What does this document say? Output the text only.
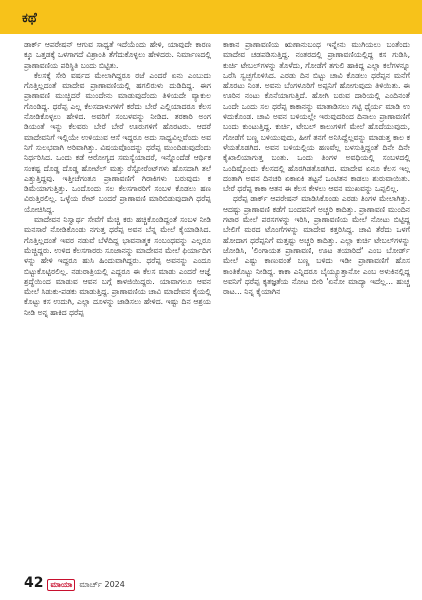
ಕಥೆ

ಡಾರ್ಕ್ ಆಪರೇಷನ್ ಆಗುವ ಸಾಧ್ಯತೆ ಇದೆಯೆಂದು ಹೇಳಿ, ಯಾವುದೇ ಕಾರಣಕ್ಕೂ ಒತ್ತಡಕ್ಕೆ ಒಳಗಾಗದೆ ವಿಶ್ರಾಂತಿ ತೆಗೆದುಕೊಳ್ಳಲು ಹೇಳಿದರು. ನಿರ್ಮಾಣದಲ್ಲಿ ಪ್ರಾಣಾವಣಿಯ ಪರಿಸ್ಥಿತಿ ಬಂದು ಬಿಟ್ಟಿತು.

ಕೆಲಸಕ್ಕೆ ಸೇರಿ ವರ್ಷದ ಮೇಲಾಗಿದ್ದರೂ ರಜೆ ಎಂದರೆ ಏನು ಎಂಬುದು ಗೊತ್ತಿಲ್ಲದಂತೆ ಮಾದೇವ ಪ್ರಾಣಾವಣಿಯಲ್ಲಿ ಹಗಲಿರುಳು ದುಡಿದಿದ್ದ. ಈಗ ಪ್ರಾಣಾವಣಿ ಮುಚ್ಚಿದರೆ ಮುಂದೇನು ಮಾಡುವುದೆಂದು ತಿಳಿಯದೇ ವ್ಯಾಕುಲಗೊಂಡಿದ್ದ. ಧರೆಪ್ಪ ಎಲ್ಲ ಕೆಲಸದಾಳುಗಳಿಗೆ ಕರೆದು ಬೇರೆ ಎಲ್ಲಿಯಾದರೂ ಕೆಲಸ ನೋಡಿಕೊಳ್ಳಲು ಹೇಳಿದ. ಅವರಿಗೆ ಸಂಬಳವನ್ನು ನೀಡಿದ. ತರಕಾರಿ ಅಂಗಡಿಯಂತೆ ಇನ್ನು ಕೆಲವರು ಬೇರೆ ಬೇರೆ ಊರುಗಳಿಗೆ ಹೊರಟರು. ಆದರೆ ಮಾದೇವನಿಗೆ ಇಲ್ಲಿಯೇ ಉಳಿಯುವ ಆಸೆ ಇದ್ದರೂ ಅದು ಸಾಧ್ಯವಿಲ್ಲವೆಂದು ಅವನಿಗೆ ಸುಲಭವಾಗಿ ಅರಿವಾಗಿತ್ತು. ವಿಷಯವೊಂದನ್ನು ಧರೆಪ್ಪ ಮುಂದಿಡುವುದೆಂದು ನಿರ್ಧರಿಸಿದ. ಒಂದು ಕಡೆ ಆರೋಗ್ಯದ ಸಮಸ್ಯೆಯಾದರೆ, ಇನ್ನೊಂದೆಡೆ ಆರ್ಥಿಕ ಸಂಕಷ್ಟ ದೊಡ್ಡ ದೊಡ್ಡ ಹೋಟೆಲ್ ಮತ್ತು ರೆಸ್ಟೋರೆಂಟ್‌ಗಳು ಹೊಸದಾಗಿ ತಲೆ ಎತ್ತುತ್ತಿದ್ದವು. ಇತ್ತೀಚೆಗಂತೂ ಪ್ರಾಣಾವಣಿಗೆ ಗಿರಾಕಿಗಳು ಬರುವುದು ಕಡಿಮೆಯಾಗುತ್ತಿತ್ತು. ಒಂದೊಂದು ಸಲ ಕೆಲಸಗಾರರಿಗೆ ಸಂಬಳ ಕೊಡಲು ಹಣವಿರುತ್ತಿರಲಿಲ್ಲ. ಒಳ್ಳೆಯ ರೇಟ್ ಬಂದರೆ ಪ್ರಾಣಾವಣಿ ಮಾರಿಬಿಡುವುದಾಗಿ ಧರೆಪ್ಪ ಯೋಚಿಸಿದ್ದ.

ಮಾದೇವನ ನಿಸ್ವಾರ್ಥ ಸೇವೆಗೆ ಮೆಚ್ಚಿ ಕರು ಹಚ್ಚಿಕೊಂಡಿದ್ದಂತೆ ಸಂಬಳ ನೀಡಿ ಮನಸಾರೆ ನೋಡಿಕೊಂಡು ನಗುತ್ತ ಧರೆಪ್ಪ ಅವನ ಬೆನ್ನ ಮೇಲೆ ಕೈಯಾಡಿಸಿದ. ಗೊತ್ತಿಲ್ಲದಂತೆ ಇವರ ನಡುವೆ ಬೆಳೆದಿದ್ದ ಭಾವನಾತ್ಮಕ ಸಂಬಂಧವನ್ನು ಎಲ್ಲರೂ ಮೆಚ್ಚಿದ್ದರು. ಉಳಿದ ಕೆಲಸಗಾರರು ಸೂಜಾನನ್ನು ಮಾದೇವನ ಮೇಲೆ ಫಿರ್ಯಾದಿಗಳನ್ನು ಹೇಳಿ ಇದ್ದರೂ ಹುಸಿ ಹಿಂದುವಾಗಿದ್ದರು. ಧರೆಪ್ಪ ಅವನನ್ನು ಎಂದೂ ಬಿಟ್ಟುಕೊಟ್ಟಿರಲಿಲ್ಲ. ನಡುರಾತ್ರಿಯಲ್ಲಿ ಎದ್ದರೂ ಈ ಕೆಲಸ ಮಾಡು ಎಂದರೆ ಆಜ್ಞೆ ಶ್ರದ್ಧೆಯಿಂದ ಮಾಡುವ ಆವನ ಬಗ್ಗೆ ಕಾಳಜಿಯಿದ್ದರು. ಯಾವಾಗಲೂ ಆವನ ಮೇಲೆ ಸಿಡುಕು-ಪಡಕು ಮಾಡುತ್ತಿದ್ದ. ಪ್ರಾಣಾವಣಿಯ ಚಾವಿ ಮಾದೇವನ ಕೈಯಲ್ಲಿ ಕೊಟ್ಟು ಕಸ ಉದುಗಿ, ಎಲ್ಲಾ ದೂಳನ್ನು ಜಾಡಿಸಲು ಹೇಳಿದ. ಇಷ್ಟು ದಿನ ಆಶ್ರಯ ನೀಡಿ ಅನ್ನ ಹಾಕಿದ ಧರೆಪ್ಪ

ಕಾಕಾನ ಪ್ರಾಣಾವಣಿಯ ಋಣಾನುಬಂಧ ಇನ್ನೇನು ಮುಗಿಯಲು ಬಂತೆಂದು ಮಾದೇವ ಚಡಪಡಿಸುತ್ತಿದ್ದ. ನಂತರದಲ್ಲಿ ಪ್ರಾಣಾವಣಿಯಲ್ಲಿದ್ದ ಕಸ ಗುಡಿಸಿ, ಕುರ್ಚಿ ಟೇಬಲ್‌ಗಳನ್ನು ತೊಳೆದು, ಗೋಡೆಗೆ ತಗುಲಿ ಹಾಕಿದ್ದ ಎಲ್ಲಾ ಕಲೆಗಳನ್ನೂ ಒರೆಸಿ ಸ್ವಚ್ಛಗೊಳಿಸಿದ. ಎರಡು ದಿನ ಬಿಟ್ಟು ಚಾವಿ ಕೊಡಲು ಧರೆಪ್ಪನ ಮನೆಗೆ ಹೊರಟು ನಿಂತ. ಅವನು ಬೆಂಗಳೂರಿಗೆ ಅಪ್ಪನಿಗೆ ಹೋಗುವುದು ತಿಳಿಯಿತು. ಈ ಊರಿನ ನಂಟು ಕೊನೆಯಾಗುತ್ತಿದೆ. ಹೋಗಿ ಬರುವ ದಾರಿಯಲ್ಲಿ ಎಂದಿನಂತೆ ಒಂದೇ ಒಂದು ಸಲ ಧರೆಪ್ಪ ಕಾಕಾನನ್ನು ಮಾತಾಡಿಸಲು ಗಟ್ಟಿ ಧೈರ್ಯ ಮಾಡಿ ಉಳಿದುಕೊಂಡ. ಚಾವಿ ಅವನ ಬಳಿಯಲ್ಲೇ ಇರುವುದರಿಂದ ದಿನಾಲು ಪ್ರಾಣಾವಣಿಗೆ ಬಂದು ಕುಂಟುತ್ತಿದ್ದ. ಕುರ್ಚಿ, ಟೇಬಲ್ ಕಾಲುಗಳಿಗೆ ಮೇಲೆ ಹೊದೆಯುವುದು, ಗೋಡೆಗೆ ಬಣ್ಣ ಬಳಿಯುವುದು, ಹೀಗೆ ತನಗೆ ಅನಿಸಿದ್ದೆಲ್ಲವನ್ನು ಮಾಡುತ್ತ ಕಾಲ ಕಳೆಯತೊಡಗಿದ. ಅವನ ಬಳಿಯಲ್ಲಿಯ ಹಣವೆಲ್ಲ ಬಳಸುತ್ತಿದ್ದಂತೆ ದಿನೇ ದಿನೇ ಕೈಖಾಲಿಯಾಗುತ್ತ ಬಂತು. ಒಂದು ತಿಂಗಳ ಅವಧಿಯಲ್ಲಿ ಸಂಬಳದಲ್ಲಿ ಒಂದಿಷ್ಟೊಂದು ಕೆಲಸದಲ್ಲಿ ಹೊರಗಿಡತೊಡಗಿದ. ಮಾದೇವ ಏನೂ ಕೆಲಸ ಇಲ್ಲದಂತಾಗಿ ಅವನ ದಿನಚರಿ ಏಕಾಏಕಿ ತಟ್ಟನೆ ಒಂಟಿತನ ಕಾಡಲು ಶುರುವಾಯಿತು. ಬೇರೆ ಧರೆಪ್ಪ ಕಾಕಾ ಆತನ ಈ ಕೆಲಸ ಕೇಳಲು ಆವನ ಮುಖವನ್ನು ಒಪ್ಪಲಿಲ್ಲ.

ಧರೆಪ್ಪ ಡಾರ್ಕ್ ಆಪರೇಷನ್ ಮಾಡಿಸಿಕೊಂಡು ಎರಡು ತಿಂಗಳ ಮೇಲಾಗಿತ್ತು. ಆದಷ್ಟು ಪ್ರಾಣಾವಣಿ ಕಡೆಗೆ ಬಂದವನಿಗೆ ಅಚ್ಚರಿ ಕಾದಿತ್ತು. ಪ್ರಾಣಾವಣಿ ಮುಂದಿನ ಗಟಾರ ಮೇಲೆ ಪರಸಗಳನ್ನು ಇರಿಸಿ, ಪ್ರಾಣಾವಣಿಯ ಮೇಲೆ ನೋಟು ಬಿಟ್ಟಿದ್ದ ಬೇಲಿಗೆ ಮರದ ಟೊಂಗೆಗಳನ್ನು ಮಾದೇವ ಕತ್ತರಿಸಿದ್ದ. ಚಾವಿ ತೆರೆದು ಒಳಗೆ ಹೋದಾಗ ಧರೆಪ್ಪನಿಗೆ ಮತ್ತಷ್ಟು ಅಚ್ಚರಿ ಕಾದಿತ್ತು. ಎಲ್ಲಾ ಕುರ್ಚಿ ಟೇಬಲ್‌ಗಳನ್ನು ಜೋಡಿಸಿ, 'ಲಿಂಗಾಯತ ಪ್ರಾಣಾವಣಿ, ಊಟ ತಯಾರಿದೆ' ಎಂಬ ಬೋರ್ಡ್ ಮೇಲೆ ಎಷ್ಟು ಕಾಣುವಂತೆ ಬಣ್ಣ ಬಳಿದು ಇಡೀ ಪ್ರಾಣಾವಣಿಗೆ ಹೊಸ ಕಾಂತಿಕೊಟ್ಟು ನೀಡಿದ್ದ. ಕಾಕಾ ಎನ್ನಿದರೂ ಬೈಯ್ಯೂತ್ತಾನೋ ಎಂಬ ಅಳುಕಿನಲ್ಲಿದ್ದ ಅವನಿಗೆ ಧರೆಪ್ಪ ಕೃತಜ್ಞತೆಯ ನೋಟ ಬೀರಿ 'ಏನೋ ಮಾದ್ಯಾ ಇದೆಲ್ಲ... ಹುಚ್ಚರಾಟ... ನಿನ್ನ ಕೈಯಾಗಿನ

42 ಮಾಯಾ ಮಾರ್ಚ್ 2024
